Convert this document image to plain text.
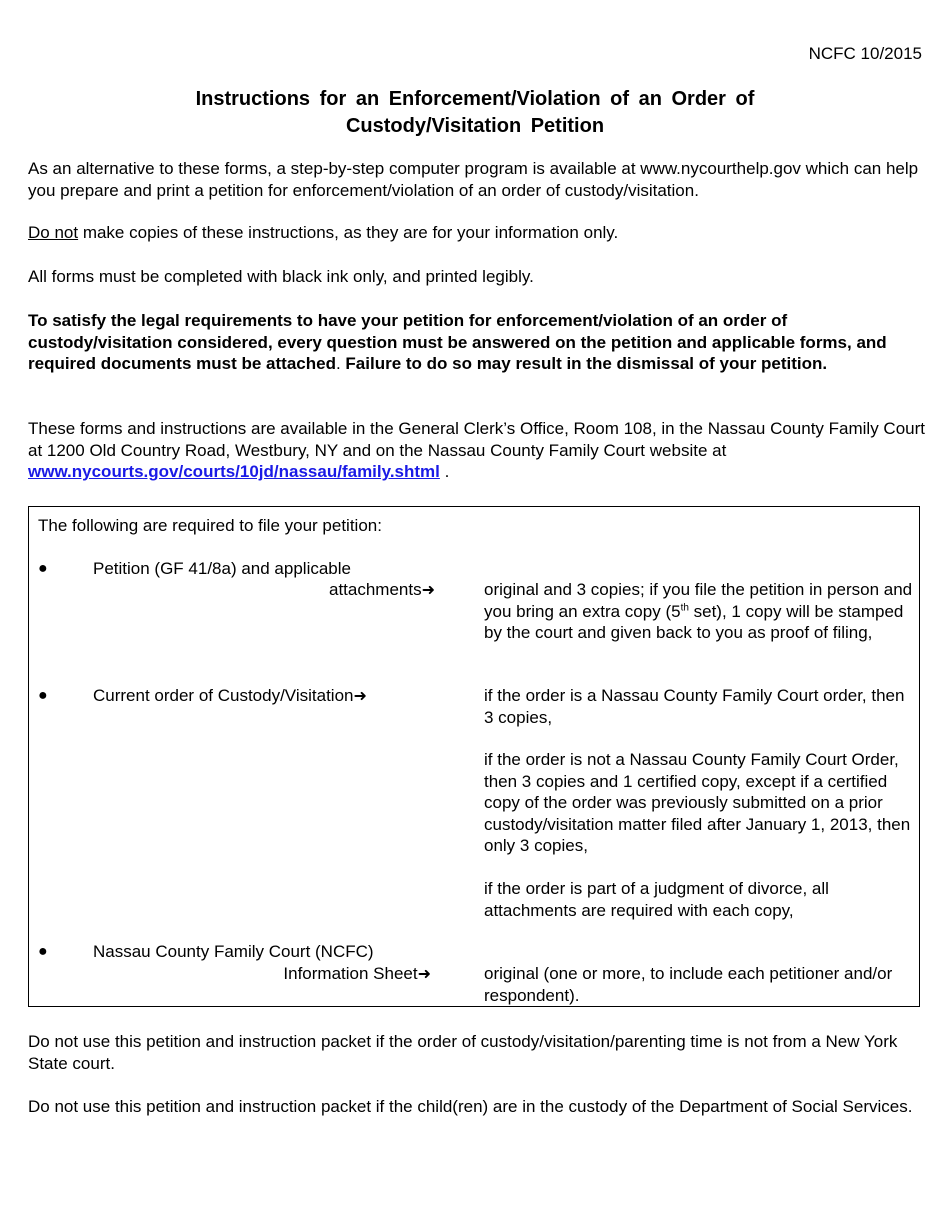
NCFC 10/2015
Instructions for an Enforcement/Violation of an Order of
Custody/Visitation Petition

As an alternative to these forms, a step-by-step computer program is available at www.nycourthelp.gov which can help you prepare and print a petition for enforcement/violation of an order of custody/visitation.

Do not make copies of these instructions, as they are for your information only.

All forms must be completed with black ink only, and printed legibly.

To satisfy the legal requirements to have your petition for enforcement/violation of an order of custody/visitation considered, every question must be answered on the petition and applicable forms, and required documents must be attached. Failure to do so may result in the dismissal of your petition.

These forms and instructions are available in the General Clerk’s Office, Room 108, in the Nassau County Family Court at 1200 Old Country Road, Westbury, NY and on the Nassau County Family Court website at
www.nycourts.gov/courts/10jd/nassau/family.shtml .

The following are required to file your petition:
●	Petition (GF 41/8a) and applicable
attachments➜	original and 3 copies; if you file the petition in person and you bring an extra copy (5th set), 1 copy will be stamped by the court and given back to you as proof of filing,
●	Current order of Custody/Visitation➜	if the order is a Nassau County Family Court order, then 3 copies,
if the order is not a Nassau County Family Court Order, then 3 copies and 1 certified copy, except if a certified copy of the order was previously submitted on a prior custody/visitation matter filed after January 1, 2013, then only 3 copies,
if the order is part of a judgment of divorce, all attachments are required with each copy,
●	Nassau County Family Court (NCFC)
Information Sheet➜	original (one or more, to include each petitioner and/or respondent).

Do not use this petition and instruction packet if the order of custody/visitation/parenting time is not from a New York State court.

Do not use this petition and instruction packet if the child(ren) are in the custody of the Department of Social Services.
